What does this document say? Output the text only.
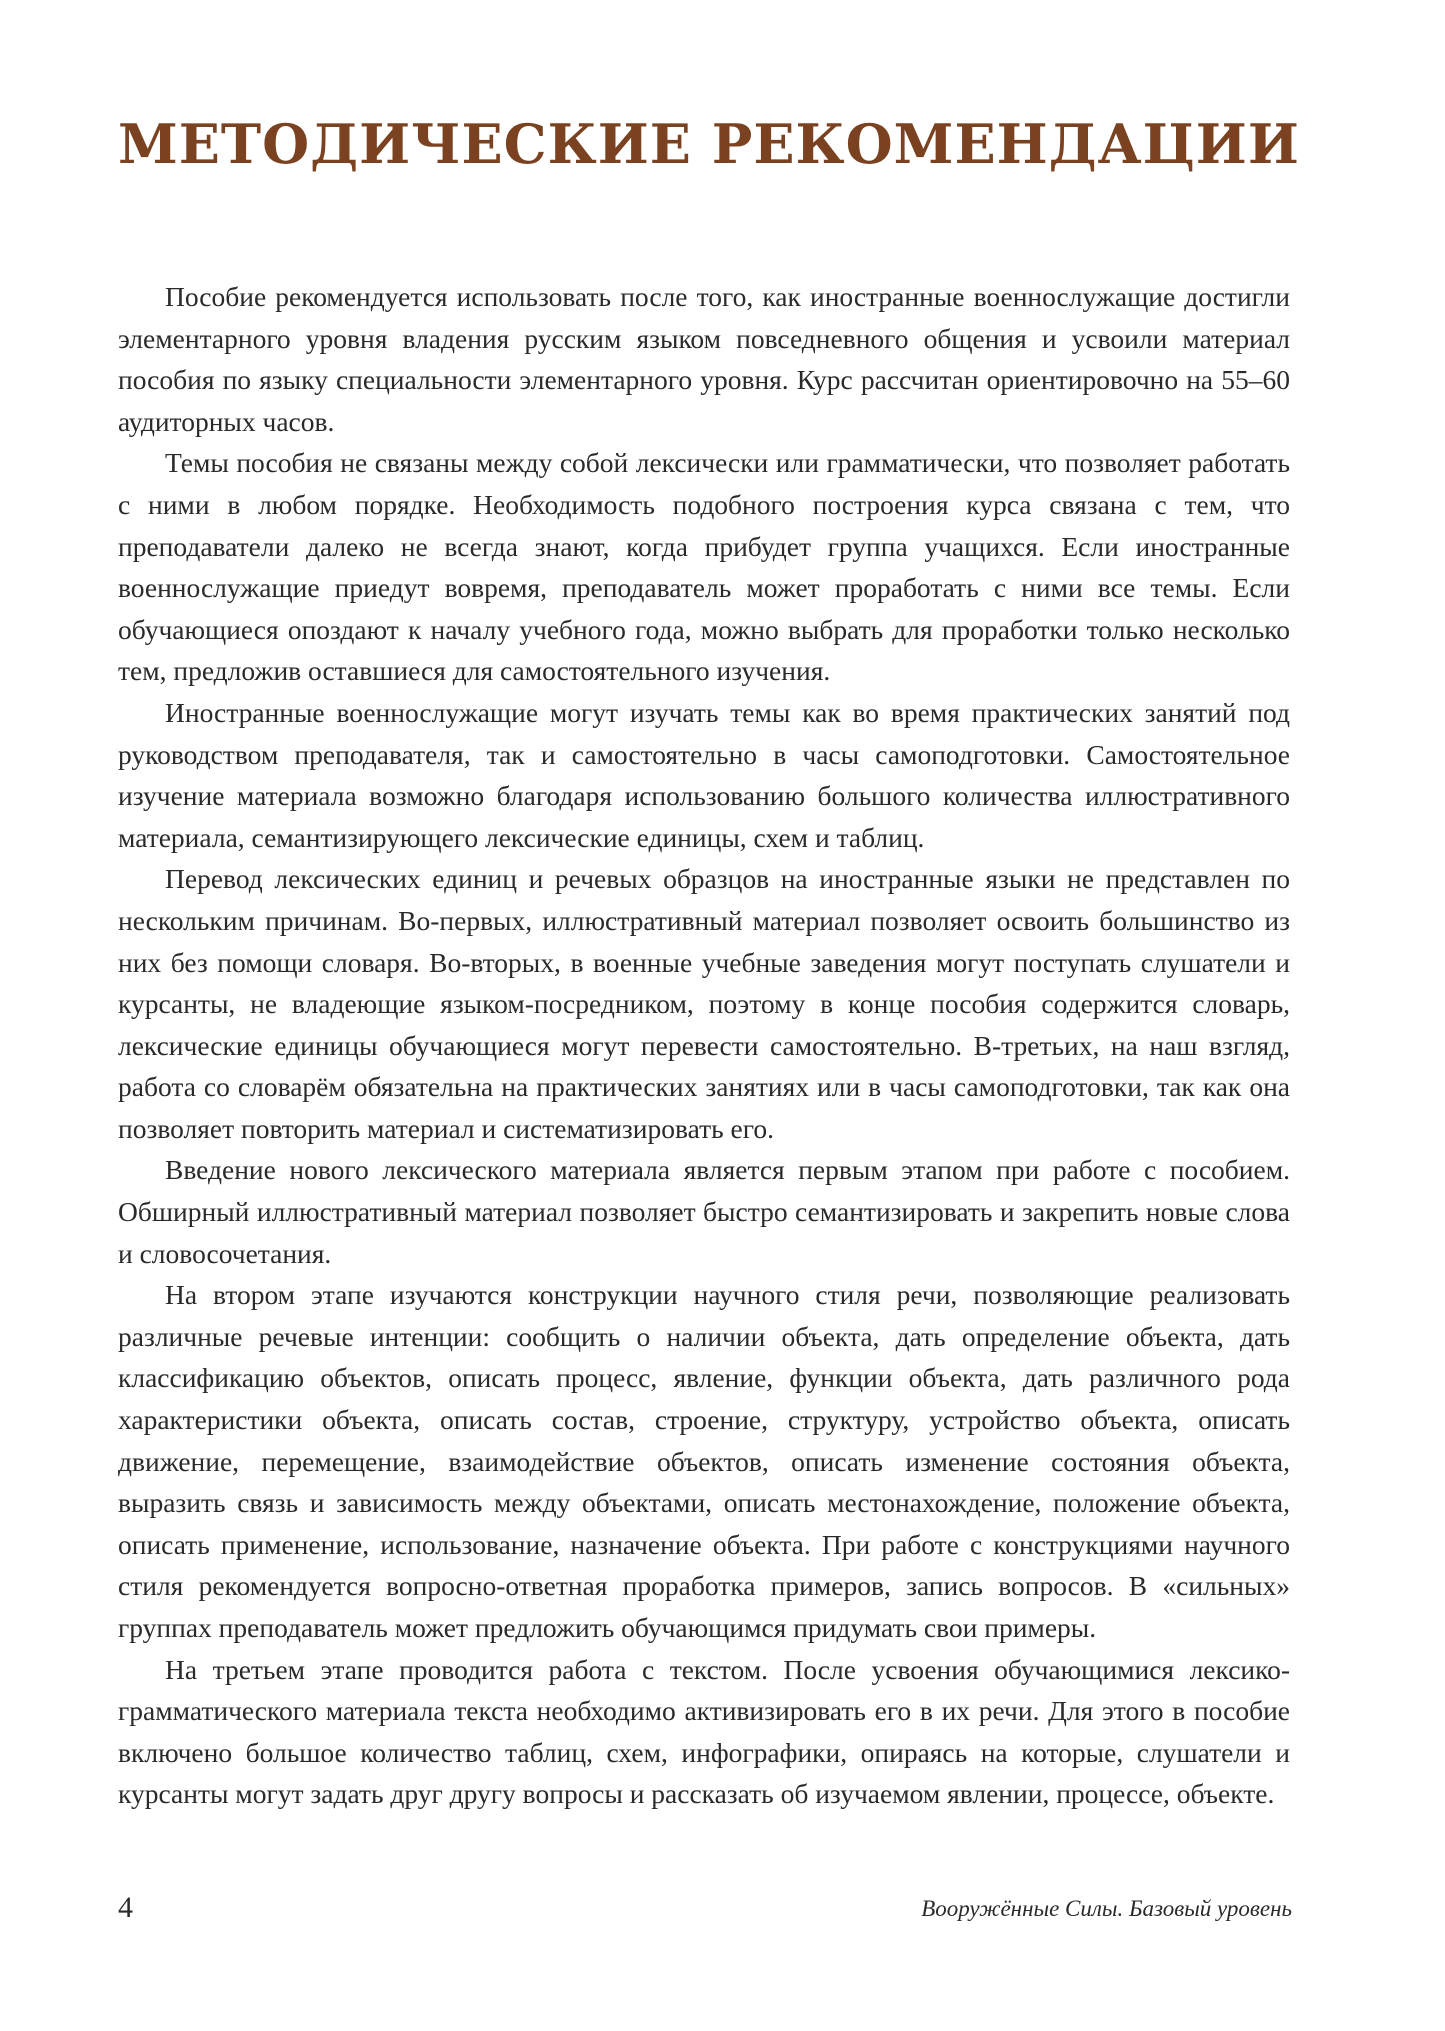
МЕТОДИЧЕСКИЕ РЕКОМЕНДАЦИИ

Пособие рекомендуется использовать после того, как иностранные военнослужащие достигли элементарного уровня владения русским языком повседневного общения и усвоили материал пособия по языку специальности элементарного уровня. Курс рассчитан ориентировочно на 55–60 аудиторных часов.

Темы пособия не связаны между собой лексически или грамматически, что позволяет работать с ними в любом порядке. Необходимость подобного построения курса связана с тем, что преподаватели далеко не всегда знают, когда прибудет группа учащихся. Если иностранные военнослужащие приедут вовремя, преподаватель может проработать с ними все темы. Если обучающиеся опоздают к началу учебного года, можно выбрать для проработки только несколько тем, предложив оставшиеся для самостоятельного изучения.

Иностранные военнослужащие могут изучать темы как во время практических занятий под руководством преподавателя, так и самостоятельно в часы самоподготовки. Самостоятельное изучение материала возможно благодаря использованию большого количества иллюстративного материала, семантизирующего лексические единицы, схем и таблиц.

Перевод лексических единиц и речевых образцов на иностранные языки не представлен по нескольким причинам. Во-первых, иллюстративный материал позволяет освоить большинство из них без помощи словаря. Во-вторых, в военные учебные заведения могут поступать слушатели и курсанты, не владеющие языком-посредником, поэтому в конце пособия содержится словарь, лексические единицы обучающиеся могут перевести самостоятельно. В-третьих, на наш взгляд, работа со словарём обязательна на практических занятиях или в часы самоподготовки, так как она позволяет повторить материал и систематизировать его.

Введение нового лексического материала является первым этапом при работе с пособием. Обширный иллюстративный материал позволяет быстро семантизировать и закрепить новые слова и словосочетания.

На втором этапе изучаются конструкции научного стиля речи, позволяющие реализовать различные речевые интенции: сообщить о наличии объекта, дать определение объекта, дать классификацию объектов, описать процесс, явление, функции объекта, дать различного рода характеристики объекта, описать состав, строение, структуру, устройство объекта, описать движение, перемещение, взаимодействие объектов, описать изменение состояния объекта, выразить связь и зависимость между объектами, описать местонахождение, положение объекта, описать применение, использование, назначение объекта. При работе с конструкциями научного стиля рекомендуется вопросно-ответная проработка примеров, запись вопросов. В «сильных» группах преподаватель может предложить обучающимся придумать свои примеры.

На третьем этапе проводится работа с текстом. После усвоения обучающимися лексико-грамматического материала текста необходимо активизировать его в их речи. Для этого в пособие включено большое количество таблиц, схем, инфографики, опираясь на которые, слушатели и курсанты могут задать друг другу вопросы и рассказать об изучаемом явлении, процессе, объекте.

4	Вооружённые Силы. Базовый уровень
